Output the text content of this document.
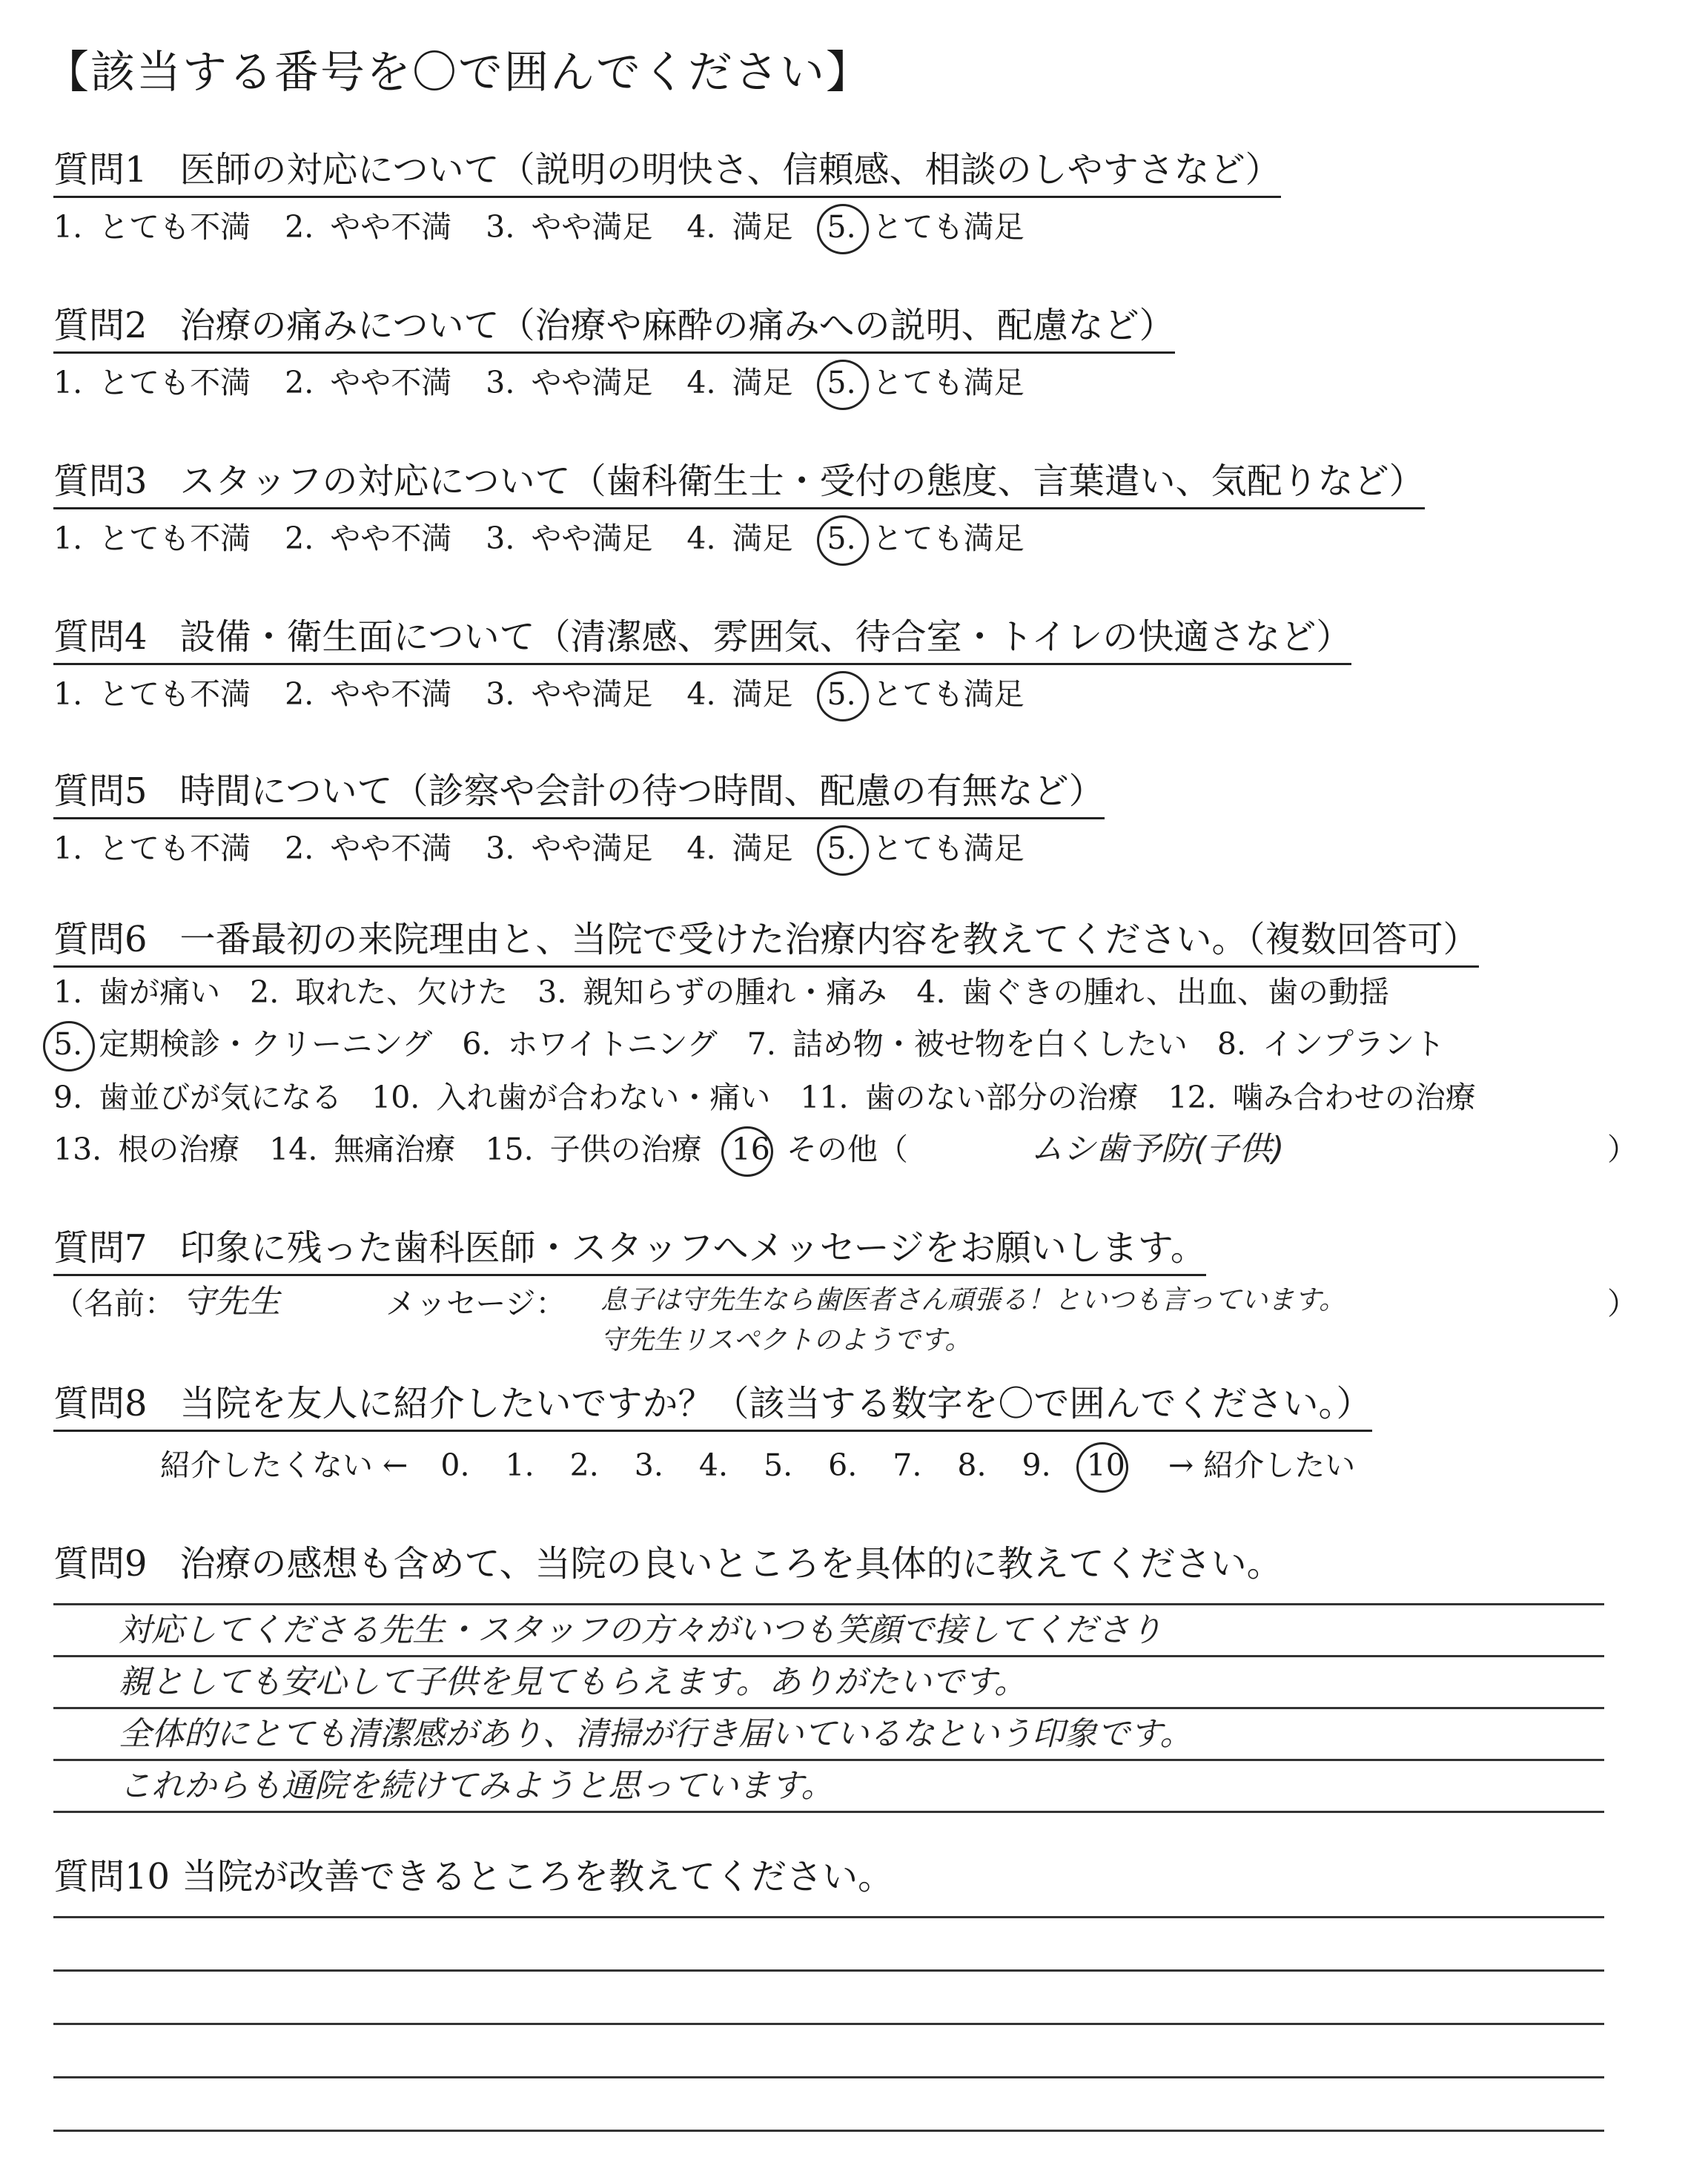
【該当する番号を〇で囲んでください】
質問1 医師の対応について（説明の明快さ、信頼感、相談のしやすさなど）
1. とても不満 2. やや不満 3. やや満足 4. 満足 5. とても満足
質問2 治療の痛みについて（治療や麻酔の痛みへの説明、配慮など）
1. とても不満 2. やや不満 3. やや満足 4. 満足 5. とても満足
質問3 スタッフの対応について（歯科衛生士・受付の態度、言葉遣い、気配りなど）
1. とても不満 2. やや不満 3. やや満足 4. 満足 5. とても満足
質問4 設備・衛生面について（清潔感、雰囲気、待合室・トイレの快適さなど）
1. とても不満 2. やや不満 3. やや満足 4. 満足 5. とても満足
質問5 時間について（診察や会計の待つ時間、配慮の有無など）
1. とても不満 2. やや不満 3. やや満足 4. 満足 5. とても満足
質問6 一番最初の来院理由と、当院で受けた治療内容を教えてください。（複数回答可）
1. 歯が痛い 2. 取れた、欠けた 3. 親知らずの腫れ・痛み 4. 歯ぐきの腫れ、出血、歯の動揺
5. 定期検診・クリーニング 6. ホワイトニング 7. 詰め物・被せ物を白くしたい 8. インプラント
9. 歯並びが気になる 10. 入れ歯が合わない・痛い 11. 歯のない部分の治療 12. 噛み合わせの治療
13. 根の治療 14. 無痛治療 15. 子供の治療 16 その他（	ムシ歯予防(子供)	）
質問7 印象に残った歯科医師・スタッフへメッセージをお願いします。
（名前： 守先生	メッセージ： 息子は守先生なら歯医者さん頑張る！といつも言っています。
守先生リスペクトのようです。
）
質問8 当院を友人に紹介したいですか？（該当する数字を〇で囲んでください。）
紹介したくない ← 0. 1. 2. 3. 4. 5. 6. 7. 8. 9. 10 → 紹介したい
質問9 治療の感想も含めて、当院の良いところを具体的に教えてください。
対応してくださる先生・スタッフの方々がいつも笑顔で接してくださり
親としても安心して子供を見てもらえます。ありがたいです。
全体的にとても清潔感があり、清掃が行き届いているなという印象です。
これからも通院を続けてみようと思っています。
質問10 当院が改善できるところを教えてください。
